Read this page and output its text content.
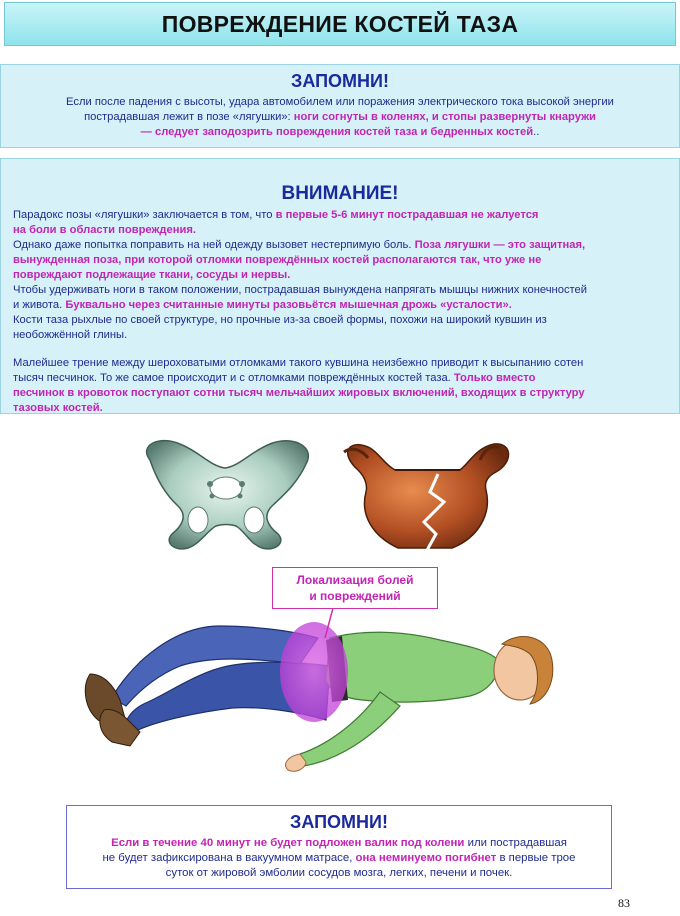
ПОВРЕЖДЕНИЕ КОСТЕЙ ТАЗА
ЗАПОМНИ!
Если после падения с высоты, удара автомобилем или поражения электрического тока высокой энергии
пострадавшая лежит в позе «лягушки»: ноги согнуты в коленях, и стопы развернуты кнаружи
— следует заподозрить повреждения костей таза и бедренных костей..
ВНИМАНИЕ!
Парадокс позы «лягушки» заключается в том, что в первые 5-6 минут пострадавшая не жалуется
на боли в области повреждения.
Однако даже попытка поправить на ней одежду вызовет нестерпимую боль. Поза лягушки — это защитная,
вынужденная поза, при которой отломки повреждённых костей располагаются так, что уже не
повреждают подлежащие ткани, сосуды и нервы.
Чтобы удерживать ноги в таком положении, пострадавшая вынуждена напрягать мышцы нижних конечностей
и живота. Буквально через считанные минуты разовьётся мышечная дрожь «усталости».
Кости таза рыхлые по своей структуре, но прочные из-за своей формы, похожи на широкий кувшин из
необожжённой глины.
Малейшее трение между шероховатыми отломками такого кувшина неизбежно приводит к высыпанию сотен
тысяч песчинок. То же самое происходит и с отломками повреждённых костей таза. Только вместо
песчинок в кровоток поступают сотни тысяч мельчайших жировых включений, входящих в структуру
тазовых костей.
Локализация болей
и повреждений
ЗАПОМНИ!
Если в течение 40 минут не будет подложен валик под колени или пострадавшая
не будет зафиксирована в вакуумном матрасе, она неминуемо погибнет в первые трое
суток от жировой эмболии сосудов мозга, легких, печени и почек.
83
